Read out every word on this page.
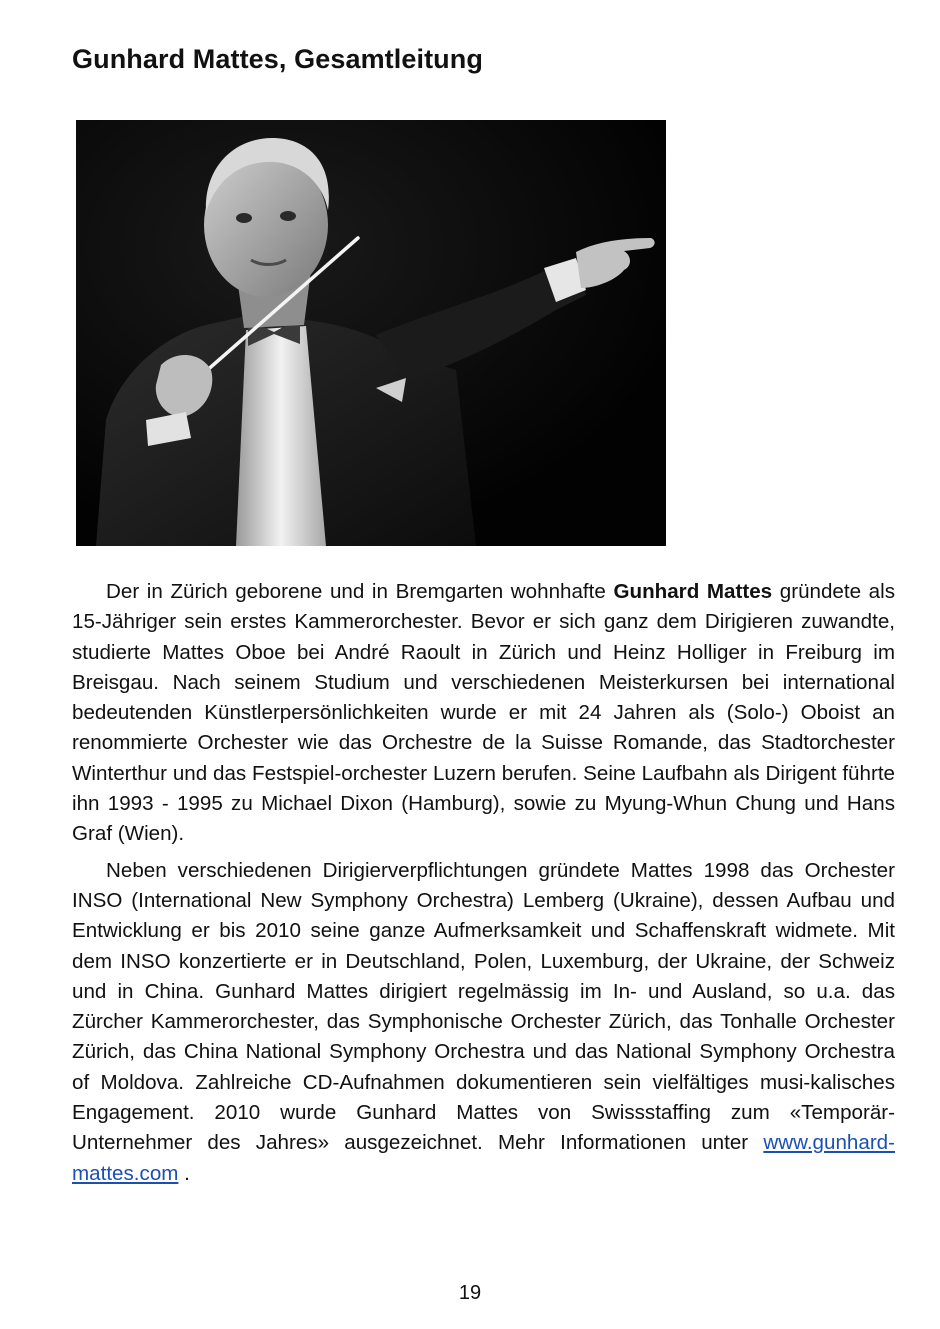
Gunhard Mattes, Gesamtleitung

Der in Zürich geborene und in Bremgarten wohnhafte Gunhard Mattes gründete als 15-Jähriger sein erstes Kammerorchester. Bevor er sich ganz dem Dirigieren zuwandte, studierte Mattes Oboe bei André Raoult in Zürich und Heinz Holliger in Freiburg im Breisgau. Nach seinem Studium und verschiedenen Meisterkursen bei international bedeutenden Künstlerpersönlichkeiten wurde er mit 24 Jahren als (Solo-) Oboist an renommierte Orchester wie das Orchestre de la Suisse Romande, das Stadtorchester Winterthur und das Festspiel-orchester Luzern berufen. Seine Laufbahn als Dirigent führte ihn 1993 - 1995 zu Michael Dixon (Hamburg), sowie zu Myung-Whun Chung und Hans Graf (Wien).

Neben verschiedenen Dirigierverpflichtungen gründete Mattes 1998 das Orchester INSO (International New Symphony Orchestra) Lemberg (Ukraine), dessen Aufbau und Entwicklung er bis 2010 seine ganze Aufmerksamkeit und Schaffenskraft widmete. Mit dem INSO konzertierte er in Deutschland, Polen, Luxemburg, der Ukraine, der Schweiz und in China. Gunhard Mattes dirigiert regelmässig im In- und Ausland, so u.a. das Zürcher Kammerorchester, das Symphonische Orchester Zürich, das Tonhalle Orchester Zürich, das China National Symphony Orchestra und das National Symphony Orchestra of Moldova. Zahlreiche CD-Aufnahmen dokumentieren sein vielfältiges musi-kalisches Engagement. 2010 wurde Gunhard Mattes von Swissstaffing zum «Temporär-Unternehmer des Jahres» ausgezeichnet. Mehr Informationen unter www.gunhard-mattes.com .

19
